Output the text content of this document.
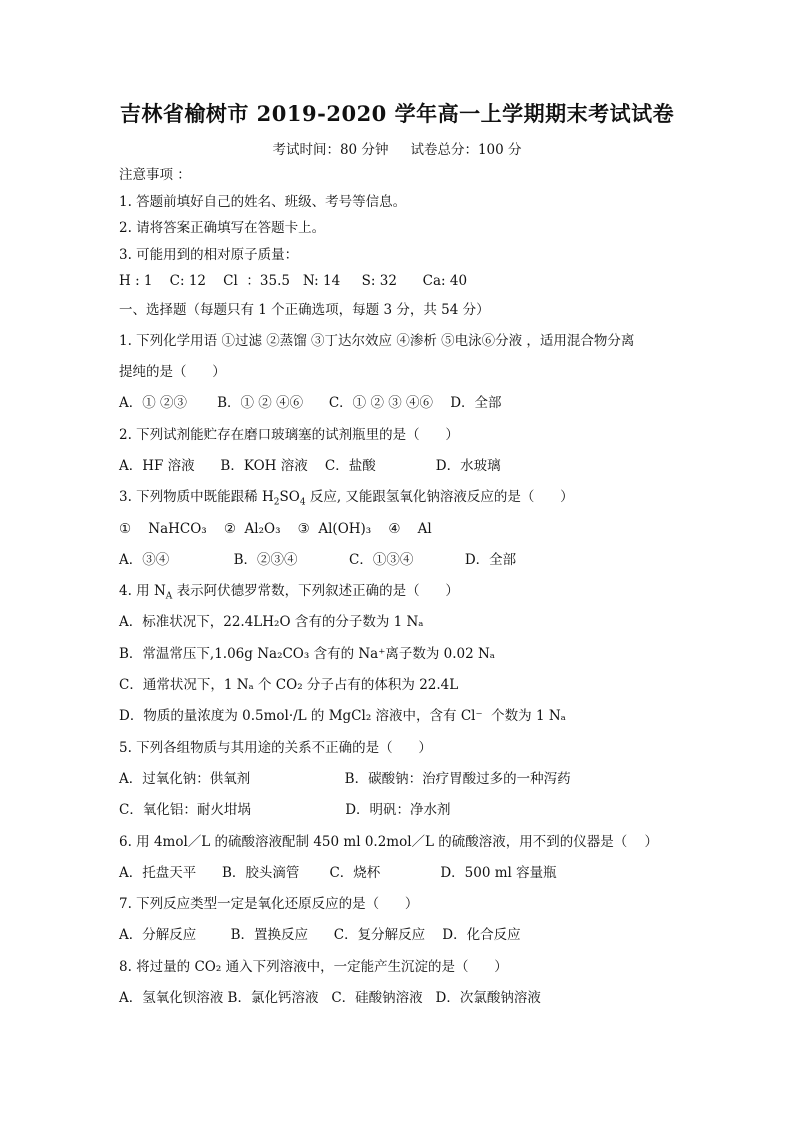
吉林省榆树市 2019-2020 学年高一上学期期末考试试卷
考试时间：80 分钟 试卷总分：100 分
注意事项 ：
1. 答题前填好自己的姓名、班级、考号等信息。
2. 请将答案正确填写在答题卡上。
3. 可能用到的相对原子质量：
H : 1    C: 12    Cl  ：35.5   N: 14     S: 32      Ca: 40
一、选择题（每题只有 1 个正确选项，每题 3 分，共 54 分）
1. 下列化学用语 ①过滤 ②蒸馏 ③丁达尔效应 ④渗析 ⑤电泳⑥分液 ，适用混合物分离
提纯的是（      ）
A．① ②③       B．① ② ④⑥      C．① ② ③ ④⑥    D．全部
2. 下列试剂能贮存在磨口玻璃塞的试剂瓶里的是（      ）
A．HF 溶液      B．KOH 溶液    C．盐酸              D．水玻璃
3. 下列物质中既能跟稀 $H_2SO_4$ 反应, 又能跟氢氧化钠溶液反应的是（      ）
①    NaHCO₃    ②  Al₂O₃    ③  Al(OH)₃    ④    Al
A．③④               B．②③④            C．①③④            D．全部
4. 用 $N_A$ 表示阿伏德罗常数，下列叙述正确的是（      ）
A．标准状况下，22.4LH₂O 含有的分子数为 1 Nₐ
B．常温常压下,1.06g Na₂CO₃ 含有的 Na⁺离子数为 0.02 Nₐ
C．通常状况下，1 Nₐ 个 CO₂ 分子占有的体积为 22.4L
D．物质的量浓度为 0.5mol·/L 的 MgCl₂ 溶液中，含有 Cl⁻  个数为 1 Nₐ
5. 下列各组物质与其用途的关系不正确的是（      ）
A．过氧化钠：供氧剂                      B．碳酸钠：治疗胃酸过多的一种泻药
C．氧化铝：耐火坩埚                      D．明矾：净水剂
6. 用 4mol／L 的硫酸溶液配制 450 ml 0.2mol／L 的硫酸溶液，用不到的仪器是（    ）
A．托盘天平      B．胶头滴管       C．烧杯              D．500 ml 容量瓶
7. 下列反应类型一定是氧化还原反应的是（      ）
A．分解反应        B．置换反应      C．复分解反应    D．化合反应
8. 将过量的 CO₂ 通入下列溶液中，一定能产生沉淀的是（      ）
A．氢氧化钡溶液 B．氯化钙溶液   C．硅酸钠溶液   D．次氯酸钠溶液
